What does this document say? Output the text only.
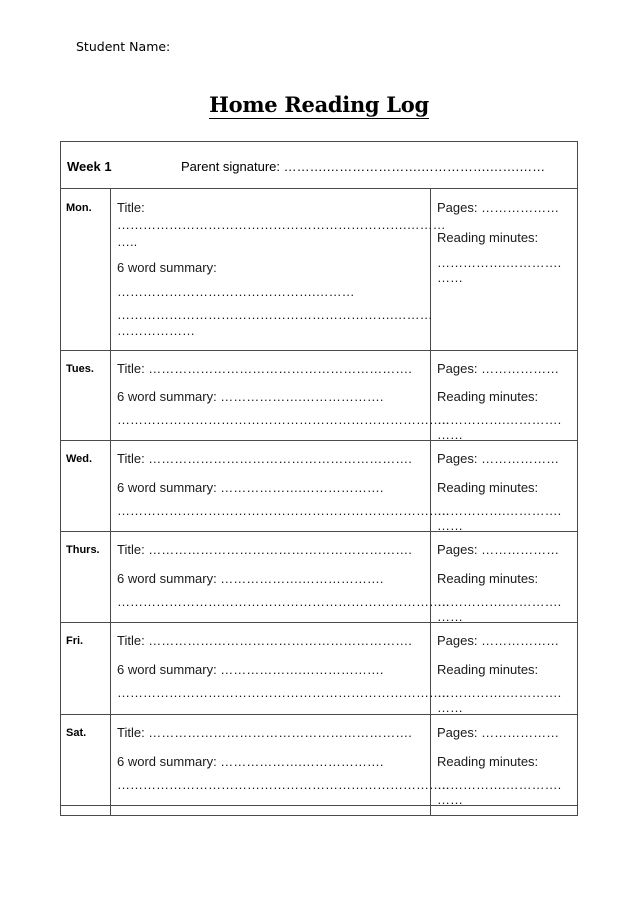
Student Name:
Home Reading Log
Week 1	Parent signature: ……….………………….…………….…….……
Mon. Title:
………………………………………………………….………
…..
6 word summary:
……………………………………….………
……………………………………………………….………
………………
Pages: ………………
Reading minutes:
…………….………….
……
Tues. Title: …………………………………………………….
6 word summary: ……………….……………….
…………………………………………………………………..
Pages: ………………
Reading minutes:
…………….………….
……
Wed. Title: …………………………………………………….
6 word summary: ……………….……………….
…………………………………………………………………..
Pages: ………………
Reading minutes:
…………….………….
……
Thurs. Title: …………………………………………………….
6 word summary: ……………….……………….
…………………………………………………………………..
Pages: ………………
Reading minutes:
…………….………….
……
Fri.	Title: …………………………………………………….
6 word summary: ……………….……………….
…………………………………………………………………..
Pages: ………………
Reading minutes:
…………….………….
……
Sat. Title: …………………………………………………….
6 word summary: ……………….……………….
…………………………………………………………………..
Pages: ………………
Reading minutes:
…………….………….
……
